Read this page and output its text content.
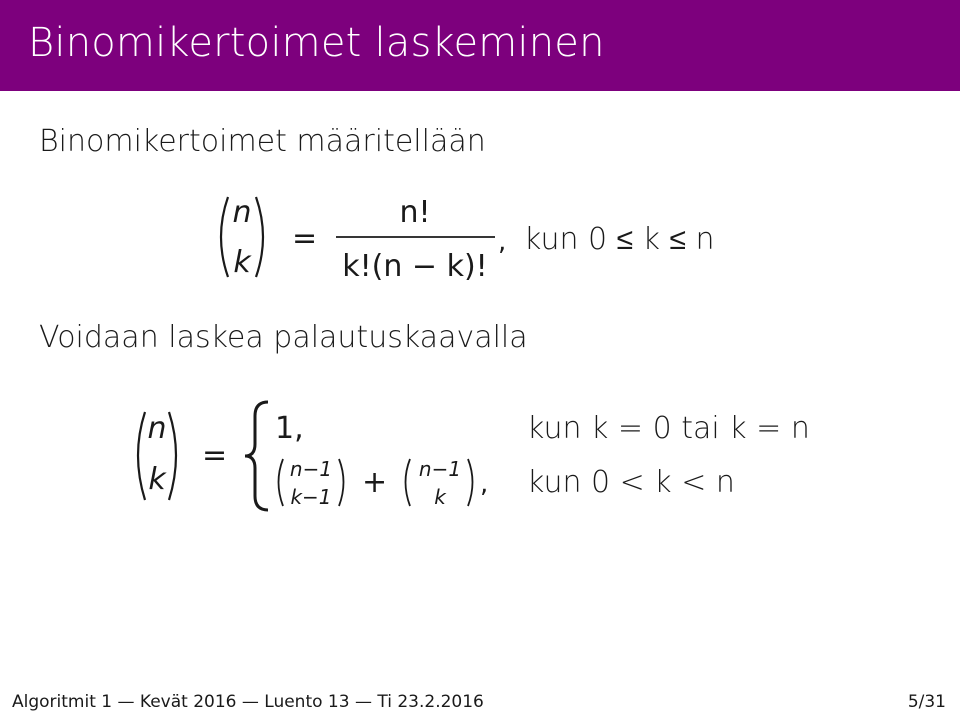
Binomikertoimet laskeminen
Binomikertoimet määritellään
Voidaan laskea palautuskaavalla
n
k
=
n!
k!(n − k)!
, kun 0 ≤ k ≤ n
n
k
=
1,	kun k = 0 tai k = n
n−1
k−1 + n−1
k , kun 0 < k < n
Algoritmit 1 — Kevät 2016 — Luento 13 — Ti 23.2.2016	5/31
